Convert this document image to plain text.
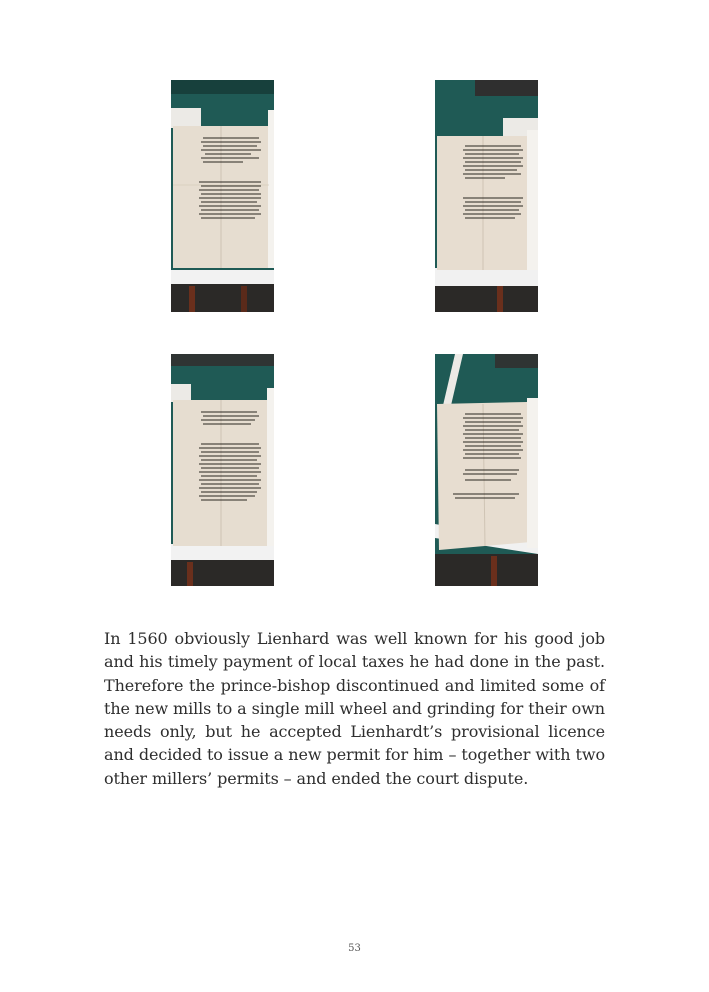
In 1560 obviously Lienhard was well known for his good job and his timely payment of local taxes he had done in the past. Therefore the prince-bishop discontinued and limited some of the new mills to a single mill wheel and grinding for their own needs only, but he accepted Lienhardt’s provisional licence and decided to issue a new permit for him – together with two other millers’ permits – and ended the court dispute.

53
